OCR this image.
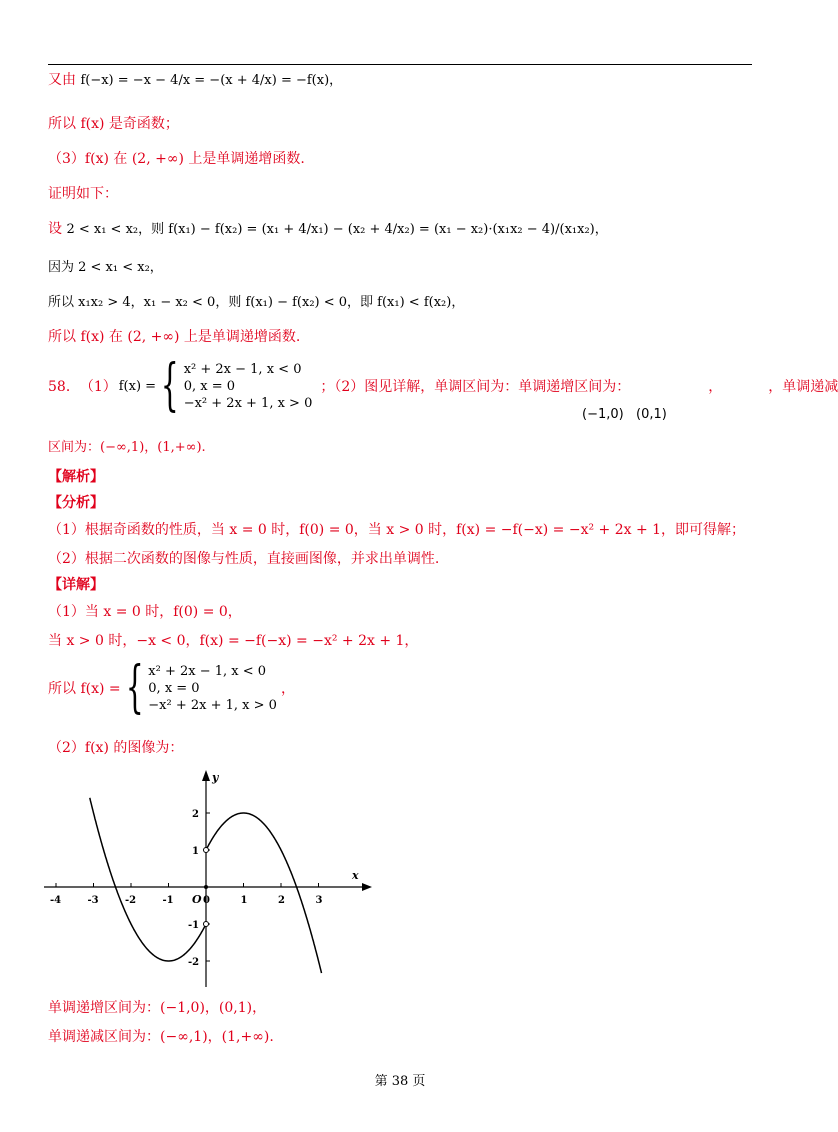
又由 f(−x) = −x − 4/x = −(x + 4/x) = −f(x)，
所以 f(x) 是奇函数；
（3）f(x) 在 (2, +∞) 上是单调递增函数.
证明如下：
设 2 < x₁ < x₂，则 f(x₁) − f(x₂) = (x₁ + 4/x₁) − (x₂ + 4/x₂) = (x₁ − x₂)·(x₁x₂ − 4)/(x₁x₂)，
因为 2 < x₁ < x₂，
所以 x₁x₂ > 4，x₁ − x₂ < 0，则 f(x₁) − f(x₂) < 0，即 f(x₁) < f(x₂)，
所以 f(x) 在 (2, +∞) 上是单调递增函数.
58． （1） f(x) = { x² + 2x − 1, x < 0
0, x = 0
−x² + 2x + 1, x > 0
；（2）图见详解，单调区间为：单调递增区间为：	，	，单调递减
(−1,0) (0,1)
区间为：(−∞,1)，(1,+∞).
【解析】
【分析】
（1）根据奇函数的性质，当 x = 0 时，f(0) = 0，当 x > 0 时，f(x) = −f(−x) = −x² + 2x + 1，即可得解；
（2）根据二次函数的图像与性质，直接画图像，并求出单调性.
【详解】
（1）当 x = 0 时，f(0) = 0，
当 x > 0 时，−x < 0，f(x) = −f(−x) = −x² + 2x + 1，
所以 f(x) = { x² + 2x − 1, x < 0
0, x = 0
−x² + 2x + 1, x > 0
，
（2）f(x) 的图像为：
x
y
-4	-3	-2	-1	0	1	2	3
O
2
1
-1
-2
单调递增区间为：(−1,0)，(0,1)，
单调递减区间为：(−∞,1)，(1,+∞).
第 38 页
